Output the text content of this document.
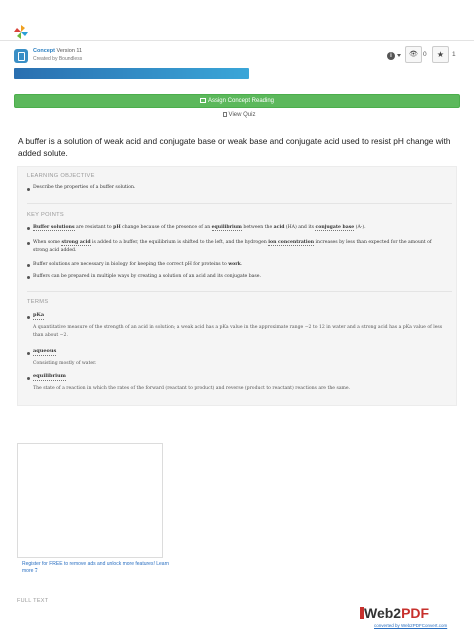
Concept Version 11
Created by Boundless	i	👁︎ 0	★	1
Assign Concept Reading
View Quiz
A buffer is a solution of weak acid and conjugate base or weak base and conjugate acid used to resist pH change with added solute.
LEARNING OBJECTIVE
Describe the properties of a buffer solution.
KEY POINTS
Buffer solutions are resistant to pH change because of the presence of an equilibrium between the acid (HA) and its conjugate base (A-).
When some strong acid is added to a buffer, the equilibrium is shifted to the left, and the hydrogen ion concentration increases by less than expected for the amount of strong acid added.
Buffer solutions are necessary in biology for keeping the correct pH for proteins to work.
Buffers can be prepared in multiple ways by creating a solution of an acid and its conjugate base.
TERMS
pKa
A quantitative measure of the strength of an acid in solution; a weak acid has a pKa value in the approximate range −2 to 12 in water and a strong acid has a pKa value of less than about −2.
aqueous
Consisting mostly of water.
equilibrium
The state of a reaction in which the rates of the forward (reactant to product) and reverse (product to reactant) reactions are the same.
Register for FREE to remove ads and unlock more features! Learn more ❔︎
FULL TEXT
Web2PDF
converted by Web2PDFConvert.com
